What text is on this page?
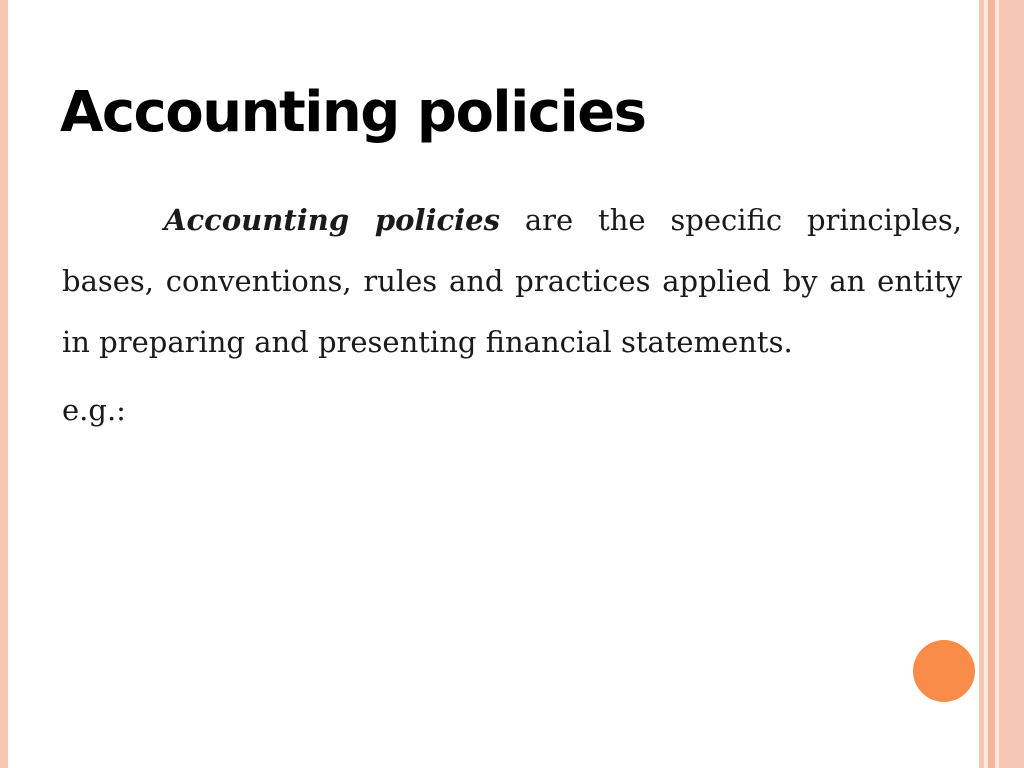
Accounting policies

Accounting policies are the specific principles, bases, conventions, rules and practices applied by an entity in preparing and presenting financial statements.

e.g.:
